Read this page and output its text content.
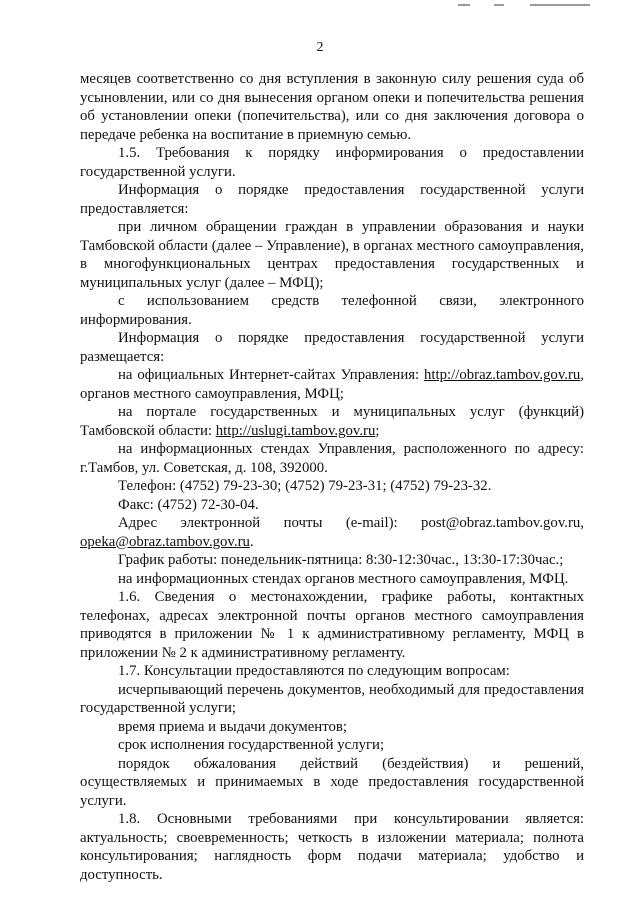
2

месяцев соответственно со дня вступления в законную силу решения суда об усыновлении, или со дня вынесения органом опеки и попечительства решения об установлении опеки (попечительства), или со дня заключения договора о передаче ребенка на воспитание в приемную семью.

1.5. Требования к порядку информирования о предоставлении государственной услуги.

Информация о порядке предоставления государственной услуги предоставляется:

при личном обращении граждан в управлении образования и науки Тамбовской области (далее – Управление), в органах местного самоуправления, в многофункциональных центрах предоставления государственных и муниципальных услуг (далее – МФЦ);

с использованием средств телефонной связи, электронного информирования.

Информация о порядке предоставления государственной услуги размещается:

на официальных Интернет-сайтах Управления: http://obraz.tambov.gov.ru, органов местного самоуправления, МФЦ;

на портале государственных и муниципальных услуг (функций) Тамбовской области: http://uslugi.tambov.gov.ru;

на информационных стендах Управления, расположенного по адресу: г.Тамбов, ул. Советская, д. 108, 392000.

Телефон: (4752) 79-23-30; (4752) 79-23-31; (4752) 79-23-32.

Факс: (4752) 72-30-04.

Адрес электронной почты (e-mail): post@obraz.tambov.gov.ru, opeka@obraz.tambov.gov.ru.

График работы: понедельник-пятница: 8:30-12:30час., 13:30-17:30час.;

на информационных стендах органов местного самоуправления, МФЦ.

1.6. Сведения о местонахождении, графике работы, контактных телефонах, адресах электронной почты органов местного самоуправления приводятся в приложении № 1 к административному регламенту, МФЦ в приложении № 2 к административному регламенту.

1.7. Консультации предоставляются по следующим вопросам:

исчерпывающий перечень документов, необходимый для предоставления государственной услуги;

время приема и выдачи документов;

срок исполнения государственной услуги;

порядок обжалования действий (бездействия) и решений, осуществляемых и принимаемых в ходе предоставления государственной услуги.

1.8. Основными требованиями при консультировании является: актуальность; своевременность; четкость в изложении материала; полнота консультирования; наглядность форм подачи материала; удобство и доступность.
